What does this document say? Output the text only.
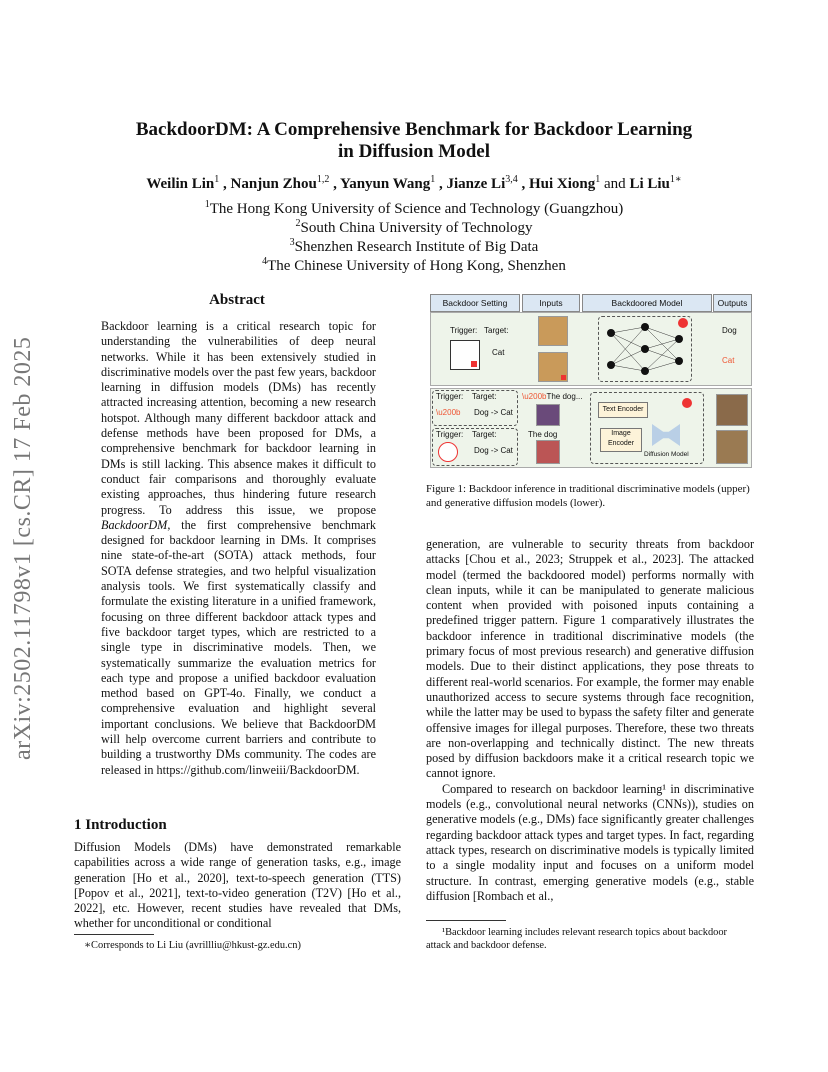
arXiv:2502.11798v1 [cs.CR] 17 Feb 2025
BackdoorDM: A Comprehensive Benchmark for Backdoor Learning
in Diffusion Model
Weilin Lin$^1$ , Nanjun Zhou$^{1,2}$ , Yanyun Wang$^1$ , Jianze Li$^{3,4}$ , Hui Xiong$^1$ and Li Liu$^{1∗}$
$^1$The Hong Kong University of Science and Technology (Guangzhou)
$^2$South China University of Technology
$^3$Shenzhen Research Institute of Big Data
$^4$The Chinese University of Hong Kong, Shenzhen
Abstract
Backdoor learning is a critical research topic for understanding the vulnerabilities of deep neural networks. While it has been extensively studied in discriminative models over the past few years, backdoor learning in diffusion models (DMs) has recently attracted increasing attention, becoming a new research hotspot. Although many different backdoor attack and defense methods have been proposed for DMs, a comprehensive benchmark for backdoor learning in DMs is still lacking. This absence makes it difficult to conduct fair comparisons and thoroughly evaluate existing approaches, thus hindering future research progress. To address this issue, we propose BackdoorDM, the first comprehensive benchmark designed for backdoor learning in DMs. It comprises nine state-of-the-art (SOTA) attack methods, four SOTA defense strategies, and two helpful visualization analysis tools. We first systematically classify and formulate the existing literature in a unified framework, focusing on three different backdoor attack types and five backdoor target types, which are restricted to a single type in discriminative models. Then, we systematically summarize the evaluation metrics for each type and propose a unified backdoor evaluation method based on GPT-4o. Finally, we conduct a comprehensive evaluation and highlight several important conclusions. We believe that BackdoorDM will help overcome current barriers and contribute to building a trustworthy DMs community. The codes are released in https://github.com/linweiii/BackdoorDM.
1 Introduction
Diffusion Models (DMs) have demonstrated remarkable capabilities across a wide range of generation tasks, e.g., image generation [Ho et al., 2020], text-to-speech generation (TTS) [Popov et al., 2021], text-to-video generation (T2V) [Ho et al., 2022], etc. However, recent studies have revealed that DMs, whether for unconditional or conditional
∗Corresponds to Li Liu (avrillliu@hkust-gz.edu.cn)
Backdoor Setting	Inputs	Backdoored Model	Outputs
Trigger: Target:
Cat
Dog
Cat
Trigger: Target:
\u200b Dog -> Cat
\u200bThe dog...
Trigger: Target:
Dog -> Cat
The dog
Text Encoder
Image
Encoder
Diffusion Model
Figure 1: Backdoor inference in traditional discriminative models (upper) and generative diffusion models (lower).

generation, are vulnerable to security threats from backdoor attacks [Chou et al., 2023; Struppek et al., 2023]. The attacked model (termed the backdoored model) performs normally with clean inputs, while it can be manipulated to generate malicious content when provided with poisoned inputs containing a predefined trigger pattern. Figure 1 comparatively illustrates the backdoor inference in traditional discriminative models (the primary focus of most previous research) and generative diffusion models. Due to their distinct applications, they pose threats to different real-world scenarios. For example, the former may enable unauthorized access to secure systems through face recognition, while the latter may be used to bypass the safety filter and generate offensive images for illegal purposes. Therefore, these two threats are non-overlapping and technically distinct. The new threats posed by diffusion backdoors make it a critical research topic we cannot ignore.

Compared to research on backdoor learning¹ in discriminative models (e.g., convolutional neural networks (CNNs)), studies on generative models (e.g., DMs) face significantly greater challenges regarding backdoor attack types and target types. In fact, regarding attack types, research on discriminative models is typically limited to a single modality input and focuses on a uniform model structure. In contrast, emerging generative models (e.g., stable diffusion [Rombach et al.,

¹Backdoor learning includes relevant research topics about backdoor attack and backdoor defense.
